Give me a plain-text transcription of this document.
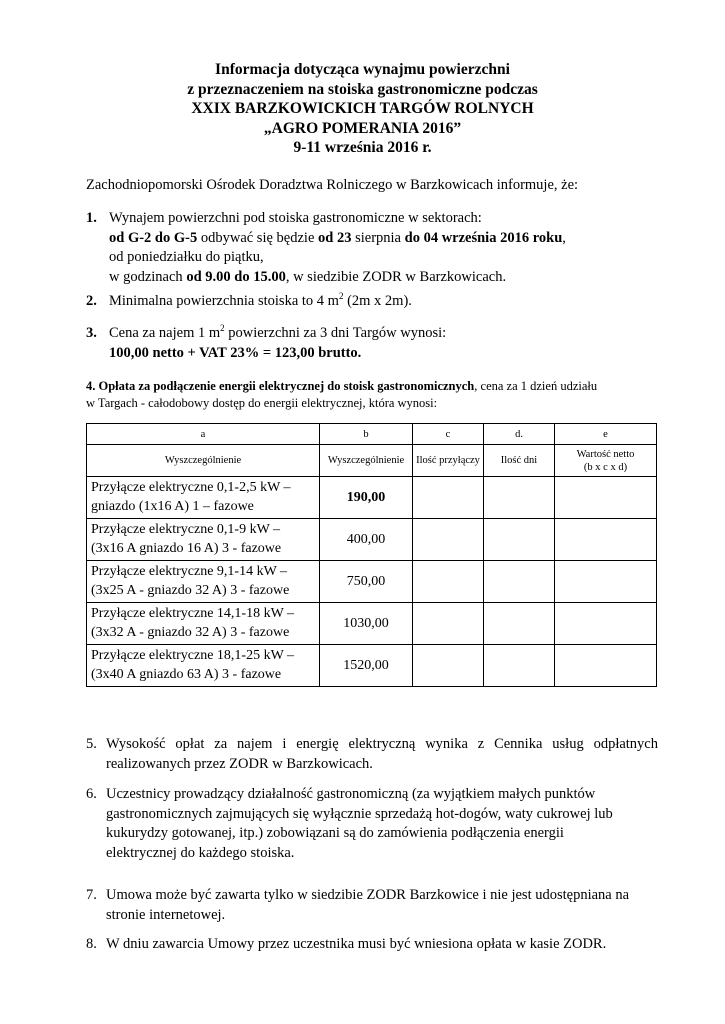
Informacja dotycząca wynajmu powierzchni
z przeznaczeniem na stoiska gastronomiczne podczas
XXIX BARZKOWICKICH TARGÓW ROLNYCH
„AGRO POMERANIA 2016”
9-11 września 2016 r.
Zachodniopomorski Ośrodek Doradztwa Rolniczego w Barzkowicach informuje, że:
1. Wynajem powierzchni pod stoiska gastronomiczne w sektorach:
od G-2 do G-5 odbywać się będzie od 23 sierpnia do 04 września 2016 roku,
od poniedziałku do piątku,
w godzinach od 9.00 do 15.00, w siedzibie ZODR w Barzkowicach.
2. Minimalna powierzchnia stoiska to 4 $m^2$ (2m x 2m).
3. Cena za najem 1 $m^2$ powierzchni za 3 dni Targów wynosi:
100,00 netto + VAT 23% = 123,00 brutto.
4. Opłata za podłączenie energii elektrycznej do stoisk gastronomicznych, cena za 1 dzień udziału
w Targach - całodobowy dostęp do energii elektrycznej, która wynosi:
a	b	c	d.	e
Wyszczególnienie	Wyszczególnienie	Ilość przyłączy	Ilość dni	Wartość netto
(b x c x d)

Przyłącze elektryczne 0,1-2,5 kW –
gniazdo (1x16 A) 1 – fazowe	190,00			

Przyłącze elektryczne 0,1-9 kW –
(3x16 A gniazdo 16 A) 3 - fazowe	400,00			

Przyłącze elektryczne 9,1-14 kW –
(3x25 A - gniazdo 32 A) 3 - fazowe	750,00			

Przyłącze elektryczne 14,1-18 kW –
(3x32 A - gniazdo 32 A) 3 - fazowe	1030,00			

Przyłącze elektryczne 18,1-25 kW –
(3x40 A gniazdo 63 A) 3 - fazowe	1520,00			
5. Wysokość opłat za najem i energię elektryczną wynika z Cennika usług odpłatnych realizowanych przez ZODR w Barzkowicach.
6. Uczestnicy prowadzący działalność gastronomiczną (za wyjątkiem małych punktów
gastronomicznych zajmujących się wyłącznie sprzedażą hot-dogów, waty cukrowej lub
kukurydzy gotowanej, itp.) zobowiązani są do zamówienia podłączenia energii
elektrycznej do każdego stoiska.
7. Umowa może być zawarta tylko w siedzibie ZODR Barzkowice i nie jest udostępniana na
stronie internetowej.
8. W dniu zawarcia Umowy przez uczestnika musi być wniesiona opłata w kasie ZODR.
